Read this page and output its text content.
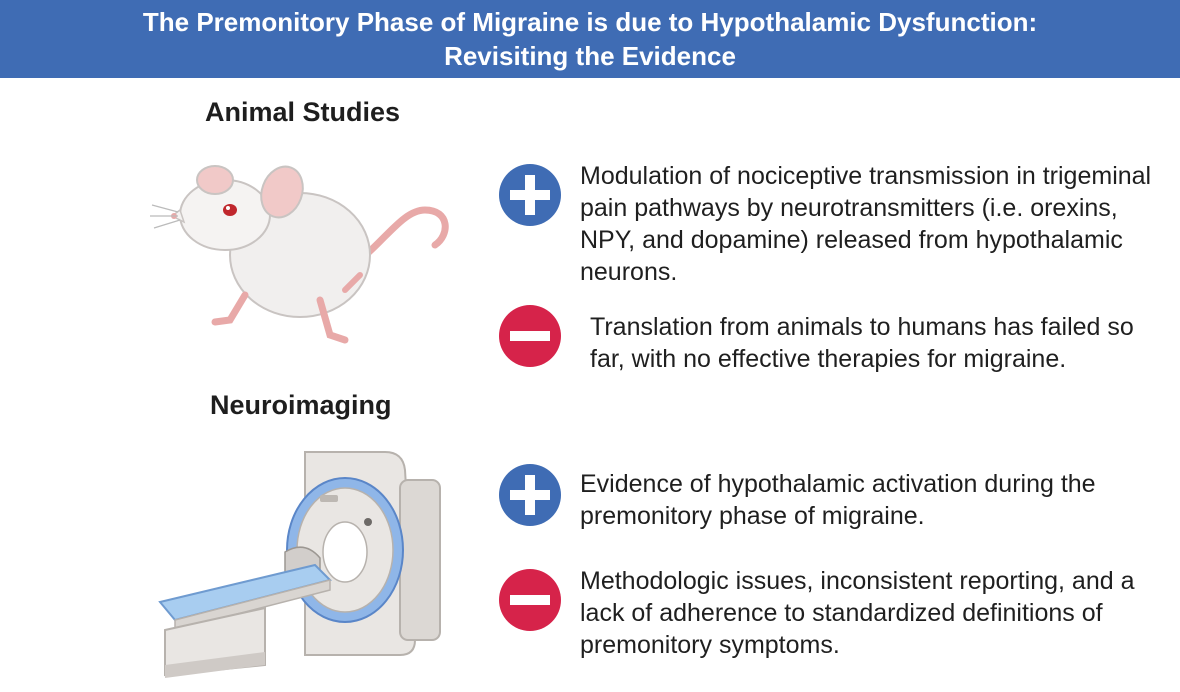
The Premonitory Phase of Migraine is due to Hypothalamic Dysfunction:
Revisiting the Evidence
Animal Studies
Modulation of nociceptive transmission in trigeminal pain pathways by neurotransmitters (i.e. orexins, NPY, and dopamine) released from hypothalamic neurons.
Translation from animals to humans has failed so far, with no effective therapies for migraine.
Neuroimaging
Evidence of hypothalamic activation during the premonitory phase of migraine.
Methodologic issues, inconsistent reporting, and a lack of adherence to standardized definitions of premonitory symptoms.
